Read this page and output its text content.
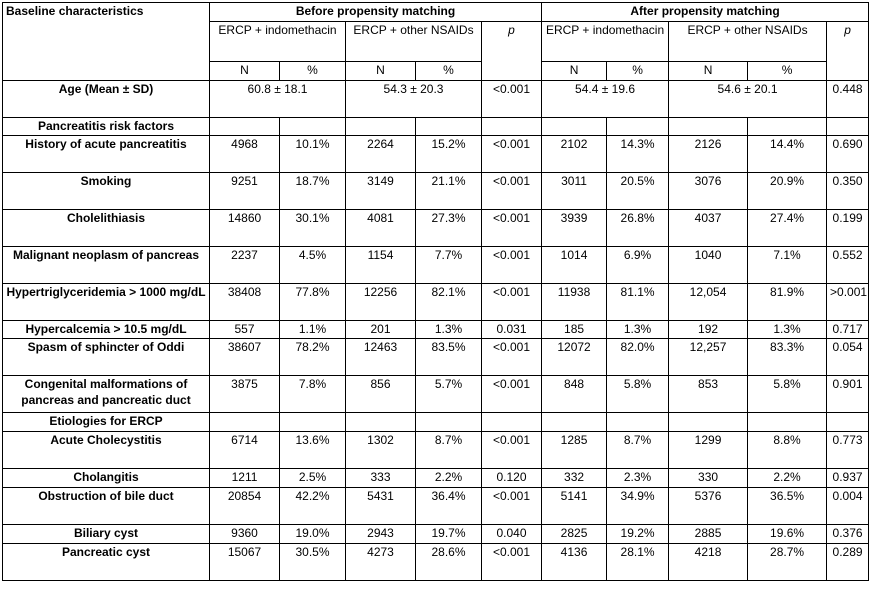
Baseline characteristics	Before propensity matching					After propensity matching				
	ERCP + indomethacin		ERCP + other NSAIDs		p	ERCP + indomethacin		ERCP + other NSAIDs		p
	N	%	N	%		N	%	N	%	
Age (Mean ± SD)	60.8 ± 18.1		54.3 ± 20.3		<0.001	54.4 ± 19.6		54.6 ± 20.1		0.448
Pancreatitis risk factors										
History of acute pancreatitis	4968	10.1%	2264	15.2%	<0.001	2102	14.3%	2126	14.4%	0.690
Smoking	9251	18.7%	3149	21.1%	<0.001	3011	20.5%	3076	20.9%	0.350
Cholelithiasis	14860	30.1%	4081	27.3%	<0.001	3939	26.8%	4037	27.4%	0.199
Malignant neoplasm of pancreas	2237	4.5%	1154	7.7%	<0.001	1014	6.9%	1040	7.1%	0.552
Hypertriglyceridemia > 1000 mg/dL	38408	77.8%	12256	82.1%	<0.001	11938	81.1%	12,054	81.9%	>0.001
Hypercalcemia > 10.5 mg/dL	557	1.1%	201	1.3%	0.031	185	1.3%	192	1.3%	0.717
Spasm of sphincter of Oddi	38607	78.2%	12463	83.5%	<0.001	12072	82.0%	12,257	83.3%	0.054
Congenital malformations of pancreas and pancreatic duct	3875	7.8%	856	5.7%	<0.001	848	5.8%	853	5.8%	0.901
Etiologies for ERCP										
Acute Cholecystitis	6714	13.6%	1302	8.7%	<0.001	1285	8.7%	1299	8.8%	0.773
Cholangitis	1211	2.5%	333	2.2%	0.120	332	2.3%	330	2.2%	0.937
Obstruction of bile duct	20854	42.2%	5431	36.4%	<0.001	5141	34.9%	5376	36.5%	0.004
Biliary cyst	9360	19.0%	2943	19.7%	0.040	2825	19.2%	2885	19.6%	0.376
Pancreatic cyst	15067	30.5%	4273	28.6%	<0.001	4136	28.1%	4218	28.7%	0.289
